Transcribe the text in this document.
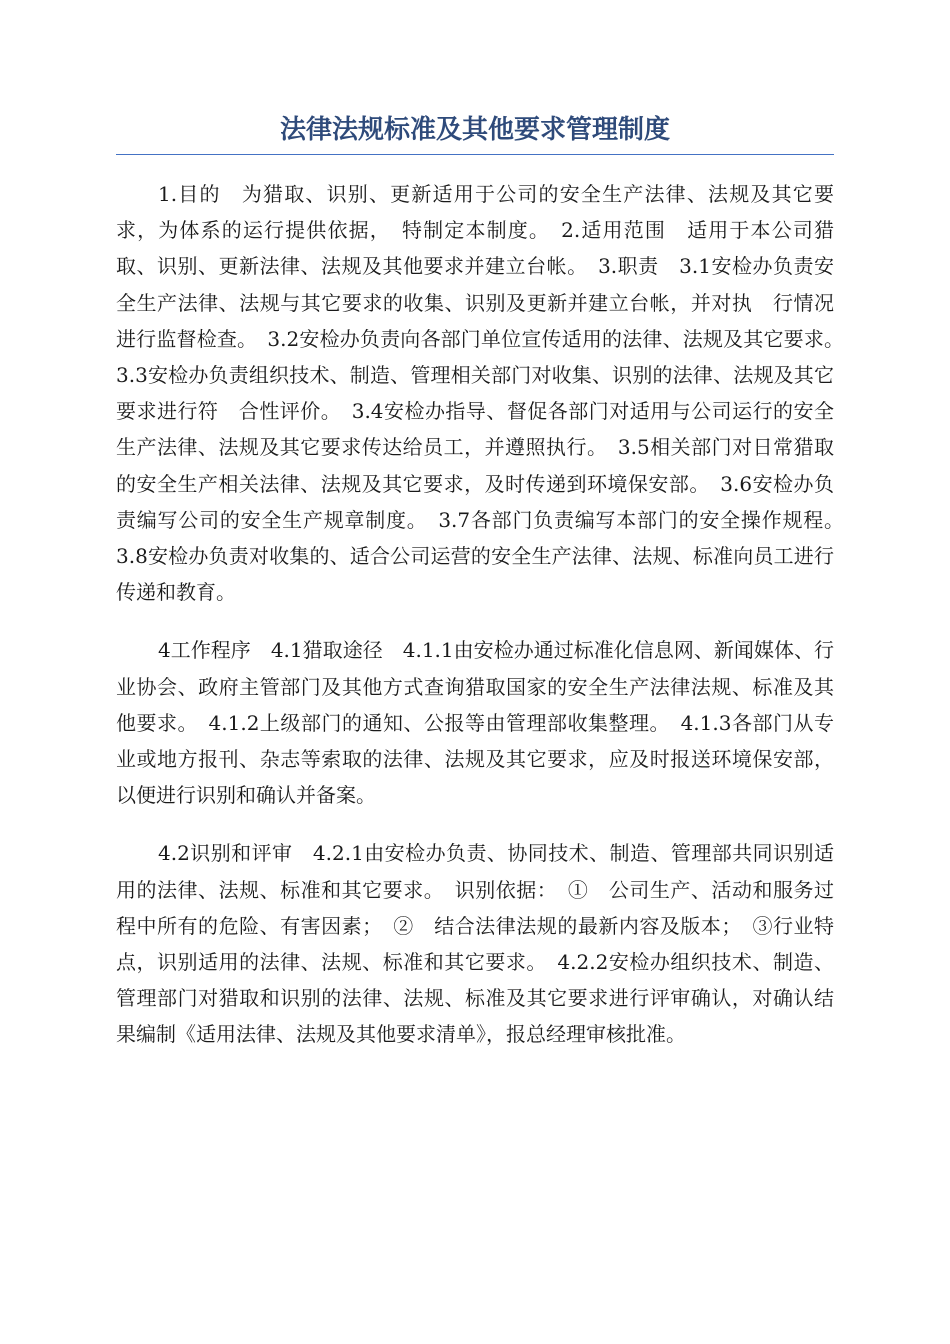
法律法规标准及其他要求管理制度

1.目的　为猎取、识别、更新适用于公司的安全生产法律、法规及其它要求，为体系的运行提供依据，　特制定本制度。　2.适用范围　适用于本公司猎取、识别、更新法律、法规及其他要求并建立台帐。　3.职责　3.1安检办负责安全生产法律、法规与其它要求的收集、识别及更新并建立台帐，并对执　行情况进行监督检查。　3.2安检办负责向各部门单位宣传适用的法律、法规及其它要求。　3.3安检办负责组织技术、制造、管理相关部门对收集、识别的法律、法规及其它要求进行符　合性评价。　3.4安检办指导、督促各部门对适用与公司运行的安全生产法律、法规及其它要求传达给员工，并遵照执行。　3.5相关部门对日常猎取的安全生产相关法律、法规及其它要求，及时传递到环境保安部。　3.6安检办负责编写公司的安全生产规章制度。　3.7各部门负责编写本部门的安全操作规程。　3.8安检办负责对收集的、适合公司运营的安全生产法律、法规、标准向员工进行传递和教育。

4工作程序　4.1猎取途径　4.1.1由安检办通过标准化信息网、新闻媒体、行业协会、政府主管部门及其他方式查询猎取国家的安全生产法律法规、标准及其他要求。　4.1.2上级部门的通知、公报等由管理部收集整理。　4.1.3各部门从专业或地方报刊、杂志等索取的法律、法规及其它要求，应及时报送环境保安部，以便进行识别和确认并备案。

4.2识别和评审　4.2.1由安检办负责、协同技术、制造、管理部共同识别适用的法律、法规、标准和其它要求。　识别依据：　①　公司生产、活动和服务过程中所有的危险、有害因素；　②　结合法律法规的最新内容及版本；　③行业特点，识别适用的法律、法规、标准和其它要求。　4.2.2安检办组织技术、制造、管理部门对猎取和识别的法律、法规、标准及其它要求进行评审确认，对确认结果编制《适用法律、法规及其他要求清单》，报总经理审核批准。
